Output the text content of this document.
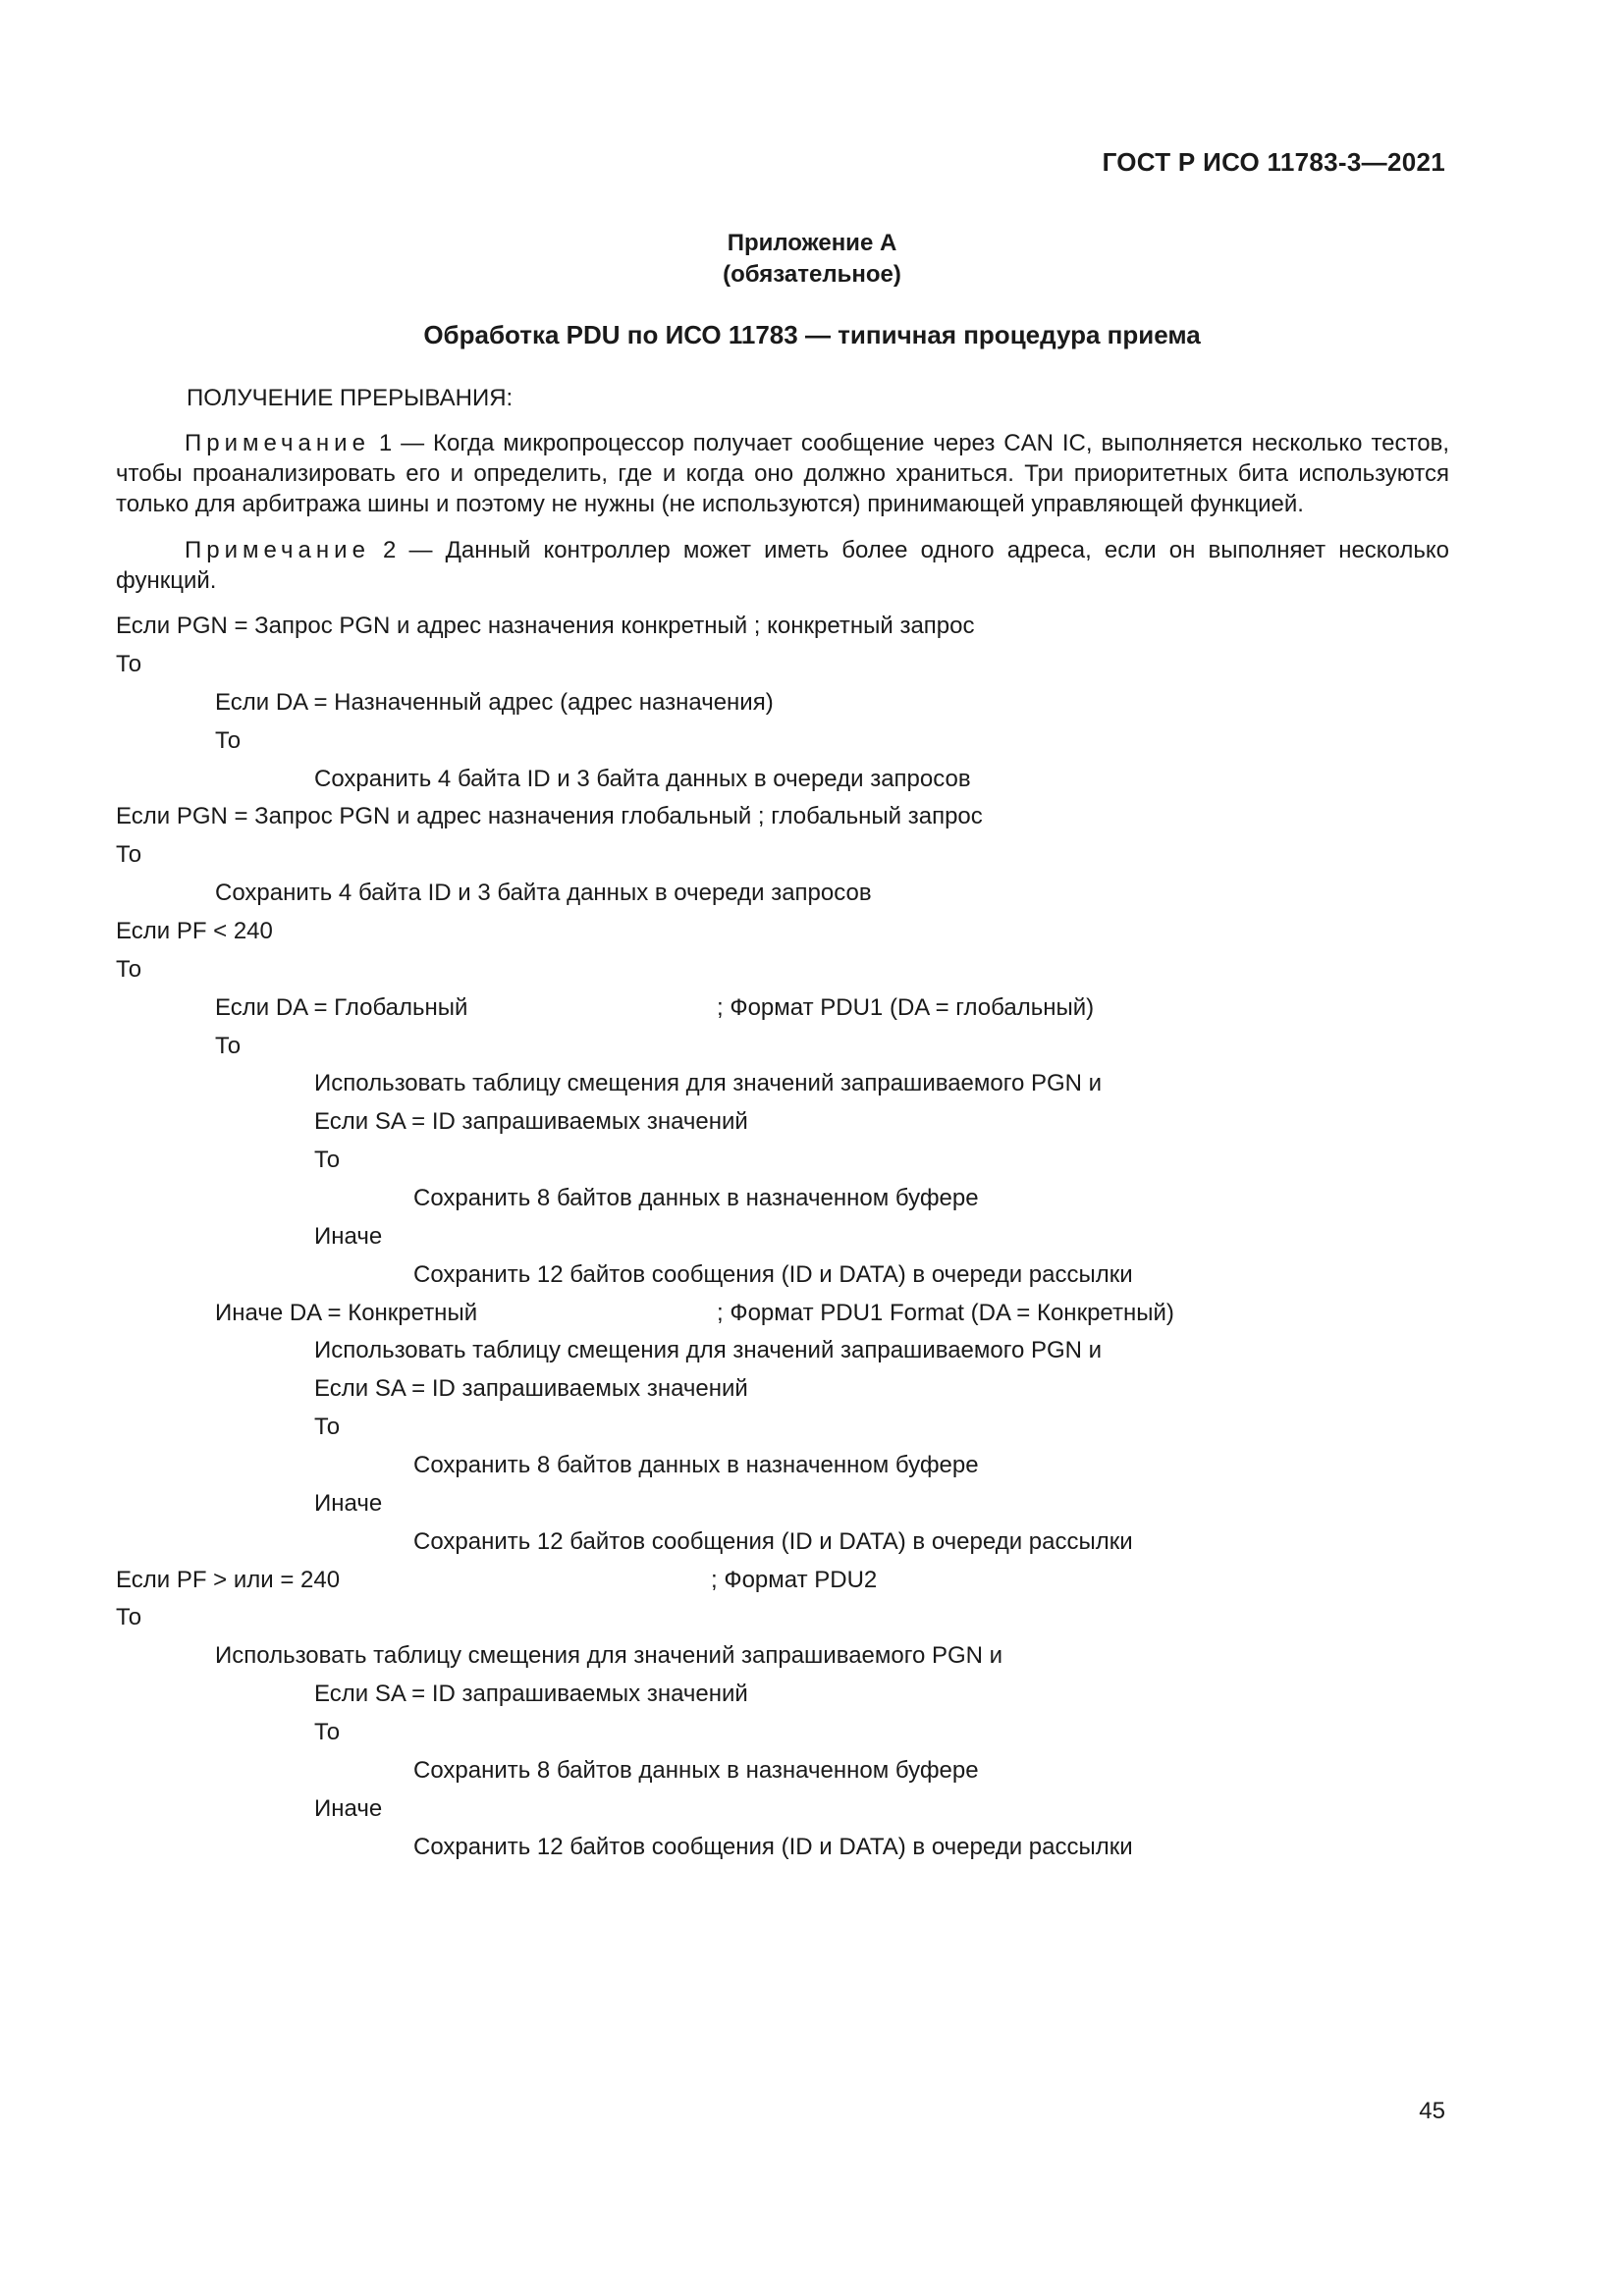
ГОСТ Р ИСО 11783-3—2021
Приложение А
(обязательное)
Обработка PDU по ИСО 11783 — типичная процедура приема
ПОЛУЧЕНИЕ ПРЕРЫВАНИЯ:
Примечание 1 — Когда микропроцессор получает сообщение через CAN IC, выполняется несколько тестов, чтобы проанализировать его и определить, где и когда оно должно храниться. Три приоритетных бита используются только для арбитража шины и поэтому не нужны (не используются) принимающей управляющей функцией.
Примечание 2 — Данный контроллер может иметь более одного адреса, если он выполняет несколько функций.
Если PGN = Запрос PGN и адрес назначения конкретный ; конкретный запрос
То
Если DA = Назначенный адрес (адрес назначения)
То
Сохранить 4 байта ID и 3 байта данных в очереди запросов
Если PGN = Запрос PGN и адрес назначения глобальный ; глобальный запрос
То
Сохранить 4 байта ID и 3 байта данных в очереди запросов
Если PF < 240
То
Если DA = Глобальный	; Формат PDU1 (DA = глобальный)
То
Использовать таблицу смещения для значений запрашиваемого PGN и
Если SA = ID запрашиваемых значений
То
Сохранить 8 байтов данных в назначенном буфере
Иначе
Сохранить 12 байтов сообщения (ID и DATA) в очереди рассылки
Иначе DA = Конкретный	; Формат PDU1 Format (DA = Конкретный)
Использовать таблицу смещения для значений запрашиваемого PGN и
Если SA = ID запрашиваемых значений
То
Сохранить 8 байтов данных в назначенном буфере
Иначе
Сохранить 12 байтов сообщения (ID и DATA) в очереди рассылки
Если PF > или = 240	; Формат PDU2
То
Использовать таблицу смещения для значений запрашиваемого PGN и
Если SA = ID запрашиваемых значений
То
Сохранить 8 байтов данных в назначенном буфере
Иначе
Сохранить 12 байтов сообщения (ID и DATA) в очереди рассылки
45
